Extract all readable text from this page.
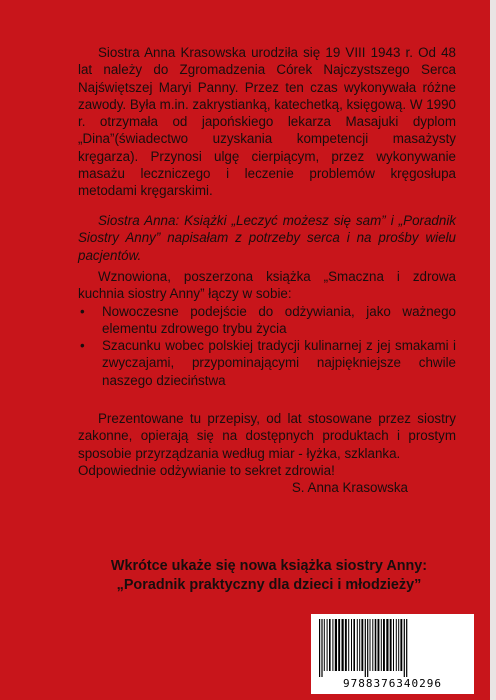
Siostra Anna Krasowska urodziła się 19 VIII 1943 r. Od 48 lat należy do Zgromadzenia Córek Najczystszego Serca Najświętszej Maryi Panny. Przez ten czas wykonywała różne zawody. Była m.in. zakrystianką, katechetką, księgową. W 1990 r. otrzymała od japońskiego lekarza Masajuki dyplom „Dina”(świadectwo uzyskania kompetencji masażysty kręgarza). Przynosi ulgę cierpiącym, przez wykonywanie masażu leczniczego i leczenie problemów kręgosłupa metodami kręgarskimi.
Siostra Anna: Książki „Leczyć możesz się sam” i „Poradnik Siostry Anny” napisałam z potrzeby serca i na prośby wielu pacjentów.
Wznowiona, poszerzona książka „Smaczna i zdrowa kuchnia siostry Anny” łączy w sobie:
• Nowoczesne podejście do odżywiania, jako ważnego elementu zdrowego trybu życia
• Szacunku wobec polskiej tradycji kulinarnej z jej smakami i zwyczajami, przypominającymi najpiękniejsze chwile naszego dzieciństwa
Prezentowane tu przepisy, od lat stosowane przez siostry zakonne, opierają się na dostępnych produktach i prostym sposobie przyrządzania według miar - łyżka, szklanka.
Odpowiednie odżywianie to sekret zdrowia!
S. Anna Krasowska
Wkrótce ukaże się nowa książka siostry Anny:
„Poradnik praktyczny dla dzieci i młodzieży”
9788376340296
